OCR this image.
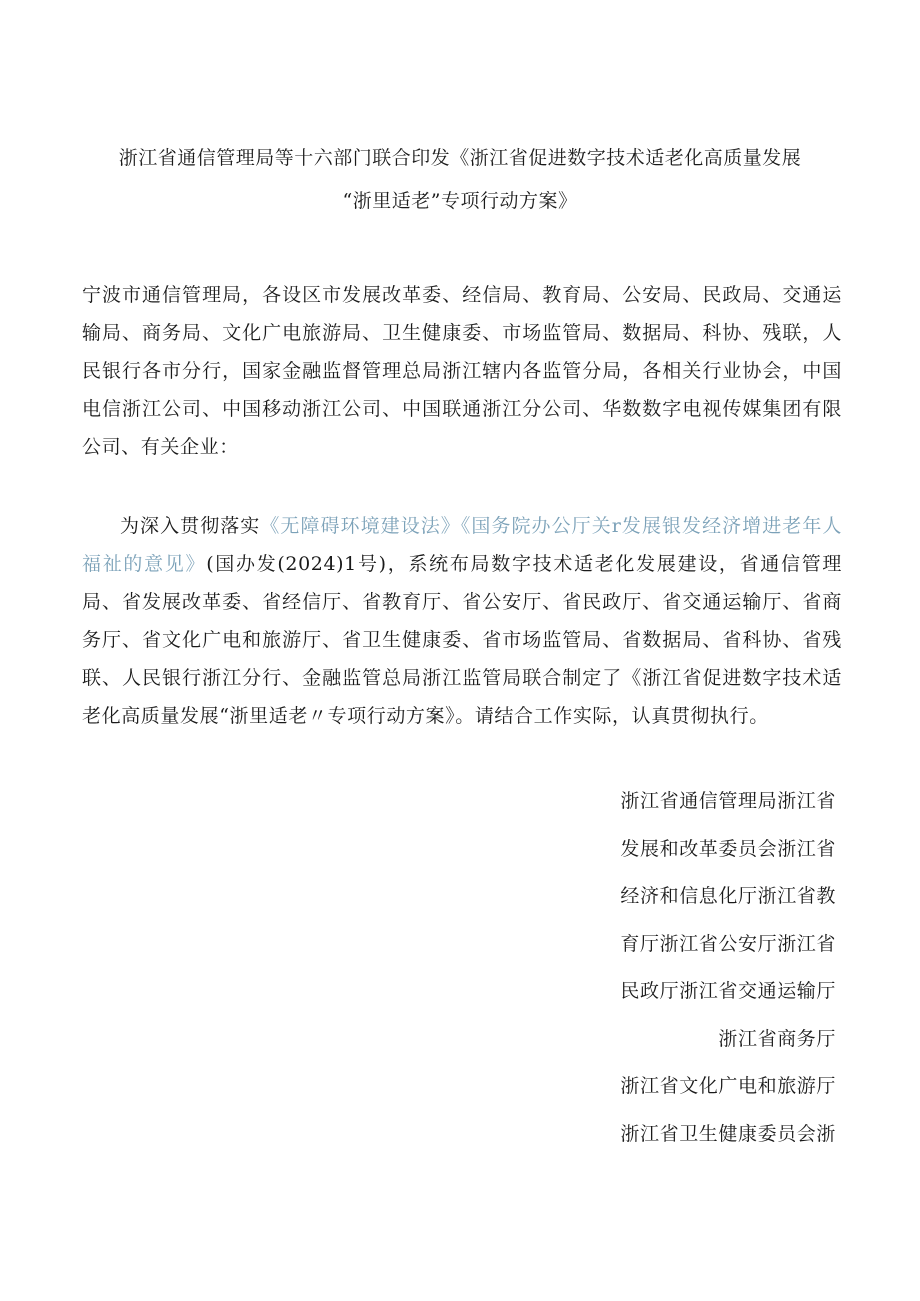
浙江省通信管理局等十六部门联合印发《浙江省促进数字技术适老化高质量发展
“浙里适老”专项行动方案》

宁波市通信管理局，各设区市发展改革委、经信局、教育局、公安局、民政局、交通运输局、商务局、文化广电旅游局、卫生健康委、市场监管局、数据局、科协、残联，人民银行各市分行，国家金融监督管理总局浙江辖内各监管分局，各相关行业协会，中国电信浙江公司、中国移动浙江公司、中国联通浙江分公司、华数数字电视传媒集团有限公司、有关企业：

为深入贯彻落实《无障碍环境建设法》《国务院办公厅关r发展银发经济增进老年人福祉的意见》(国办发(2024)1号)，系统布局数字技术适老化发展建设，省通信管理局、省发展改革委、省经信厅、省教育厅、省公安厅、省民政厅、省交通运输厅、省商务厅、省文化广电和旅游厅、省卫生健康委、省市场监管局、省数据局、省科协、省残联、人民银行浙江分行、金融监管总局浙江监管局联合制定了《浙江省促进数字技术适老化高质量发展“浙里适老〃专项行动方案》。请结合工作实际，认真贯彻执行。

浙江省通信管理局浙江省
发展和改革委员会浙江省
经济和信息化厅浙江省教
育厅浙江省公安厅浙江省
民政厅浙江省交通运输厅
浙江省商务厅
浙江省文化广电和旅游厅
浙江省卫生健康委员会浙
